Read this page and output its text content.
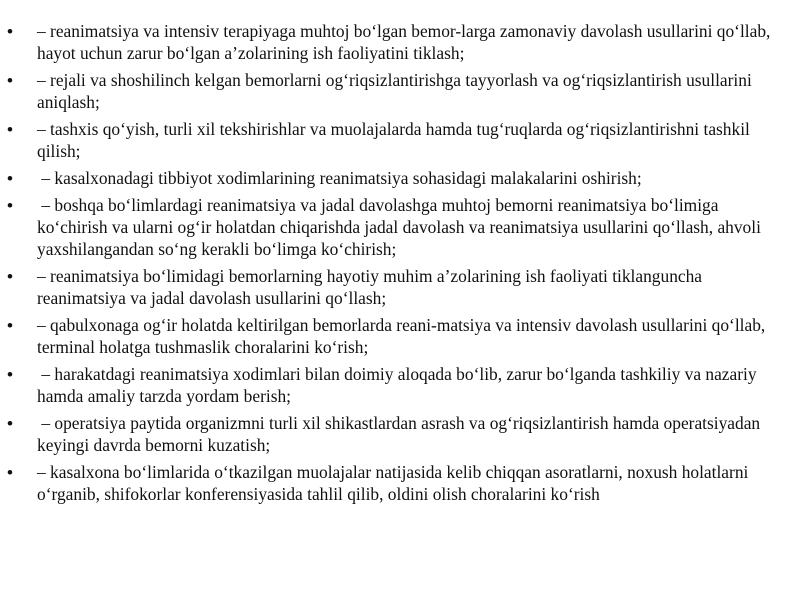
• – reanimatsiya va intensiv terapiyaga muhtoj bo‘lgan bemor-larga zamonaviy davolash usullarini qo‘llab, hayot uchun zarur bo‘lgan a’zolarining ish faoliyatini tiklash;
• – rejali va shoshilinch kelgan bemorlarni og‘riqsizlantirishga tayyorlash va og‘riqsizlantirish usullarini aniqlash;
• – tashxis qo‘yish, turli xil tekshirishlar va muolajalarda hamda tug‘ruqlarda og‘riqsizlantirishni tashkil qilish;
• – kasalxonadagi tibbiyot xodimlarining reanimatsiya sohasidagi malakalarini oshirish;
• – boshqa bo‘limlardagi reanimatsiya va jadal davolashga muhtoj bemorni reanimatsiya bo‘limiga ko‘chirish va ularni og‘ir holatdan chiqarishda jadal davolash va reanimatsiya usullarini qo‘llash, ahvoli yaxshilangandan so‘ng kerakli bo‘limga ko‘chirish;
• – reanimatsiya bo‘limidagi bemorlarning hayotiy muhim a’zolarining ish faoliyati tiklanguncha reanimatsiya va jadal davolash usullarini qo‘llash;
• – qabulxonaga og‘ir holatda keltirilgan bemorlarda reani-matsiya va intensiv davolash usullarini qo‘llab, terminal holatga tushmaslik choralarini ko‘rish;
• – harakatdagi reanimatsiya xodimlari bilan doimiy aloqada bo‘lib, zarur bo‘lganda tashkiliy va nazariy hamda amaliy tarzda yordam berish;
• – operatsiya paytida organizmni turli xil shikastlardan asrash va og‘riqsizlantirish hamda operatsiyadan keyingi davrda bemorni kuzatish;
• – kasalxona bo‘limlarida o‘tkazilgan muolajalar natijasida kelib chiqqan asoratlarni, noxush holatlarni o‘rganib, shifokorlar konferensiyasida tahlil qilib, oldini olish choralarini ko‘rish
